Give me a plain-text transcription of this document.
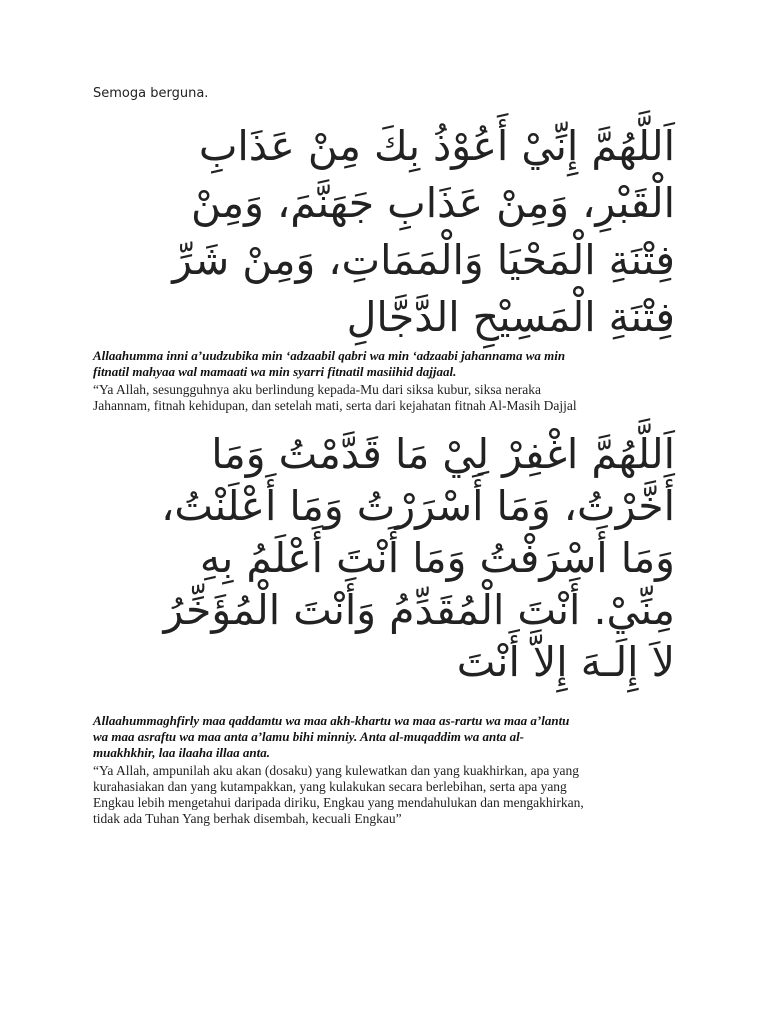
Semoga berguna.
اَللَّهُمَّ إِنِّيْ أَعُوْذُ بِكَ مِنْ عَذَابِ
الْقَبْرِ، وَمِنْ عَذَابِ جَهَنَّمَ، وَمِنْ
فِتْنَةِ الْمَحْيَا وَالْمَمَاتِ، وَمِنْ شَرِّ
فِتْنَةِ الْمَسِيْحِ الدَّجَّالِ
Allaahumma inni a’uudzubika min ‘adzaabil qabri wa min ‘adzaabi jahannama wa min
fitnatil mahyaa wal mamaati wa min syarri fitnatil masiihid dajjaal.
“Ya Allah, sesungguhnya aku berlindung kepada-Mu dari siksa kubur, siksa neraka
Jahannam, fitnah kehidupan, dan setelah mati, serta dari kejahatan fitnah Al-Masih Dajjal
اَللَّهُمَّ اغْفِرْ لِيْ مَا قَدَّمْتُ وَمَا
أَخَّرْتُ، وَمَا أَسْرَرْتُ وَمَا أَعْلَنْتُ،
وَمَا أَسْرَفْتُ وَمَا أَنْتَ أَعْلَمُ بِهِ
مِنِّيْ. أَنْتَ الْمُقَدِّمُ وَأَنْتَ الْمُؤَخِّرُ
لاَ إِلَـهَ إِلاَّ أَنْتَ
Allaahummaghfirly maa qaddamtu wa maa akh-khartu wa maa as-rartu wa maa a’lantu
wa maa asraftu wa maa anta a’lamu bihi minniy. Anta al-muqaddim wa anta al-
muakhkhir, laa ilaaha illaa anta.
“Ya Allah, ampunilah aku akan (dosaku) yang kulewatkan dan yang kuakhirkan, apa yang
kurahasiakan dan yang kutampakkan, yang kulakukan secara berlebihan, serta apa yang
Engkau lebih mengetahui daripada diriku, Engkau yang mendahulukan dan mengakhirkan,
tidak ada Tuhan Yang berhak disembah, kecuali Engkau”
